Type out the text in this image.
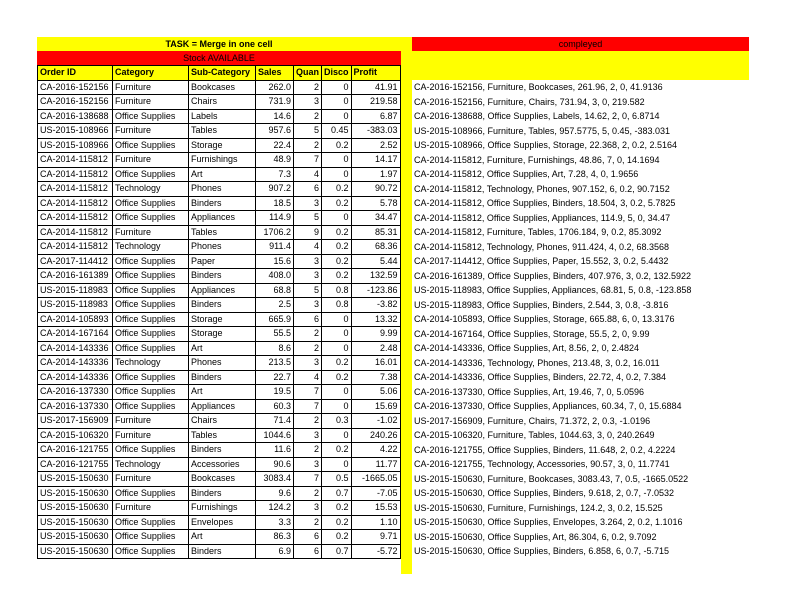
TASK = Merge in one cell	compleyed
Stock AVAILABLE
Order ID	Category	Sub-Category	Sales	Quan	Disco	Profit
CA-2016-152156	Furniture	Bookcases	262.0	2	0	41.91
CA-2016-152156	Furniture	Chairs	731.9	3	0	219.58
CA-2016-138688	Office Supplies	Labels	14.6	2	0	6.87
US-2015-108966	Furniture	Tables	957.6	5	0.45	-383.03
US-2015-108966	Office Supplies	Storage	22.4	2	0.2	2.52
CA-2014-115812	Furniture	Furnishings	48.9	7	0	14.17
CA-2014-115812	Office Supplies	Art	7.3	4	0	1.97
CA-2014-115812	Technology	Phones	907.2	6	0.2	90.72
CA-2014-115812	Office Supplies	Binders	18.5	3	0.2	5.78
CA-2014-115812	Office Supplies	Appliances	114.9	5	0	34.47
CA-2014-115812	Furniture	Tables	1706.2	9	0.2	85.31
CA-2014-115812	Technology	Phones	911.4	4	0.2	68.36
CA-2017-114412	Office Supplies	Paper	15.6	3	0.2	5.44
CA-2016-161389	Office Supplies	Binders	408.0	3	0.2	132.59
US-2015-118983	Office Supplies	Appliances	68.8	5	0.8	-123.86
US-2015-118983	Office Supplies	Binders	2.5	3	0.8	-3.82
CA-2014-105893	Office Supplies	Storage	665.9	6	0	13.32
CA-2014-167164	Office Supplies	Storage	55.5	2	0	9.99
CA-2014-143336	Office Supplies	Art	8.6	2	0	2.48
CA-2014-143336	Technology	Phones	213.5	3	0.2	16.01
CA-2014-143336	Office Supplies	Binders	22.7	4	0.2	7.38
CA-2016-137330	Office Supplies	Art	19.5	7	0	5.06
CA-2016-137330	Office Supplies	Appliances	60.3	7	0	15.69
US-2017-156909	Furniture	Chairs	71.4	2	0.3	-1.02
CA-2015-106320	Furniture	Tables	1044.6	3	0	240.26
CA-2016-121755	Office Supplies	Binders	11.6	2	0.2	4.22
CA-2016-121755	Technology	Accessories	90.6	3	0	11.77
US-2015-150630	Furniture	Bookcases	3083.4	7	0.5	-1665.05
US-2015-150630	Office Supplies	Binders	9.6	2	0.7	-7.05
US-2015-150630	Furniture	Furnishings	124.2	3	0.2	15.53
US-2015-150630	Office Supplies	Envelopes	3.3	2	0.2	1.10
US-2015-150630	Office Supplies	Art	86.3	6	0.2	9.71
US-2015-150630	Office Supplies	Binders	6.9	6	0.7	-5.72
CA-2016-152156, Furniture, Bookcases, 261.96, 2, 0, 41.9136
CA-2016-152156, Furniture, Chairs, 731.94, 3, 0, 219.582
CA-2016-138688, Office Supplies, Labels, 14.62, 2, 0, 6.8714
US-2015-108966, Furniture, Tables, 957.5775, 5, 0.45, -383.031
US-2015-108966, Office Supplies, Storage, 22.368, 2, 0.2, 2.5164
CA-2014-115812, Furniture, Furnishings, 48.86, 7, 0, 14.1694
CA-2014-115812, Office Supplies, Art, 7.28, 4, 0, 1.9656
CA-2014-115812, Technology, Phones, 907.152, 6, 0.2, 90.7152
CA-2014-115812, Office Supplies, Binders, 18.504, 3, 0.2, 5.7825
CA-2014-115812, Office Supplies, Appliances, 114.9, 5, 0, 34.47
CA-2014-115812, Furniture, Tables, 1706.184, 9, 0.2, 85.3092
CA-2014-115812, Technology, Phones, 911.424, 4, 0.2, 68.3568
CA-2017-114412, Office Supplies, Paper, 15.552, 3, 0.2, 5.4432
CA-2016-161389, Office Supplies, Binders, 407.976, 3, 0.2, 132.5922
US-2015-118983, Office Supplies, Appliances, 68.81, 5, 0.8, -123.858
US-2015-118983, Office Supplies, Binders, 2.544, 3, 0.8, -3.816
CA-2014-105893, Office Supplies, Storage, 665.88, 6, 0, 13.3176
CA-2014-167164, Office Supplies, Storage, 55.5, 2, 0, 9.99
CA-2014-143336, Office Supplies, Art, 8.56, 2, 0, 2.4824
CA-2014-143336, Technology, Phones, 213.48, 3, 0.2, 16.011
CA-2014-143336, Office Supplies, Binders, 22.72, 4, 0.2, 7.384
CA-2016-137330, Office Supplies, Art, 19.46, 7, 0, 5.0596
CA-2016-137330, Office Supplies, Appliances, 60.34, 7, 0, 15.6884
US-2017-156909, Furniture, Chairs, 71.372, 2, 0.3, -1.0196
CA-2015-106320, Furniture, Tables, 1044.63, 3, 0, 240.2649
CA-2016-121755, Office Supplies, Binders, 11.648, 2, 0.2, 4.2224
CA-2016-121755, Technology, Accessories, 90.57, 3, 0, 11.7741
US-2015-150630, Furniture, Bookcases, 3083.43, 7, 0.5, -1665.0522
US-2015-150630, Office Supplies, Binders, 9.618, 2, 0.7, -7.0532
US-2015-150630, Furniture, Furnishings, 124.2, 3, 0.2, 15.525
US-2015-150630, Office Supplies, Envelopes, 3.264, 2, 0.2, 1.1016
US-2015-150630, Office Supplies, Art, 86.304, 6, 0.2, 9.7092
US-2015-150630, Office Supplies, Binders, 6.858, 6, 0.7, -5.715
